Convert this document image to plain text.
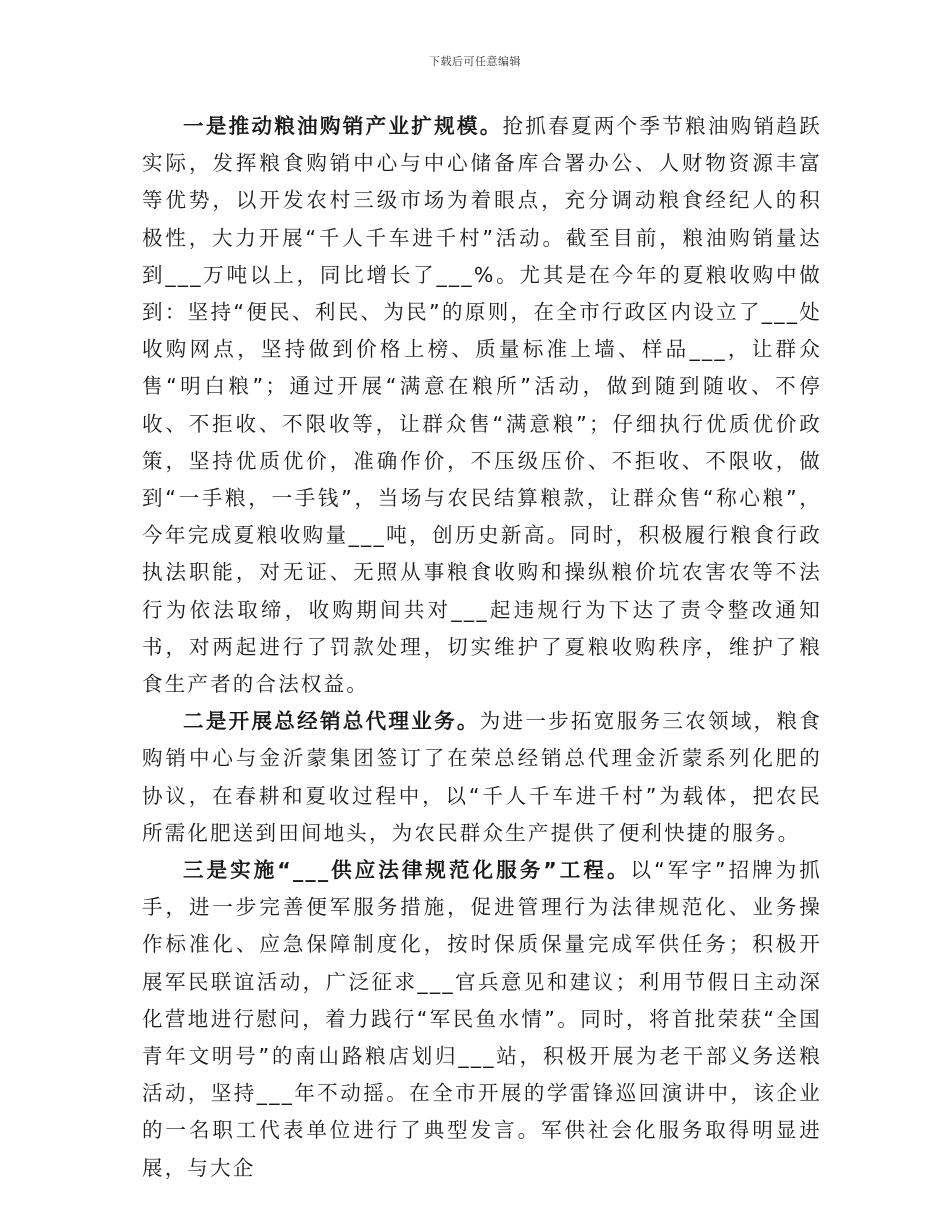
下载后可任意编辑

一是推动粮油购销产业扩规模。抢抓春夏两个季节粮油购销趋跃实际，发挥粮食购销中心与中心储备库合署办公、人财物资源丰富等优势，以开发农村三级市场为着眼点，充分调动粮食经纪人的积极性，大力开展“千人千车进千村”活动。截至目前，粮油购销量达到___万吨以上，同比增长了___%。尤其是在今年的夏粮收购中做到：坚持“便民、利民、为民”的原则，在全市行政区内设立了___处收购网点，坚持做到价格上榜、质量标准上墙、样品___，让群众售“明白粮”；通过开展“满意在粮所”活动，做到随到随收、不停收、不拒收、不限收等，让群众售“满意粮”；仔细执行优质优价政策，坚持优质优价，准确作价，不压级压价、不拒收、不限收，做到“一手粮，一手钱”，当场与农民结算粮款，让群众售“称心粮”，今年完成夏粮收购量___吨，创历史新高。同时，积极履行粮食行政执法职能，对无证、无照从事粮食收购和操纵粮价坑农害农等不法行为依法取缔，收购期间共对___起违规行为下达了责令整改通知书，对两起进行了罚款处理，切实维护了夏粮收购秩序，维护了粮食生产者的合法权益。

二是开展总经销总代理业务。为进一步拓宽服务三农领域，粮食购销中心与金沂蒙集团签订了在荣总经销总代理金沂蒙系列化肥的协议，在春耕和夏收过程中，以“千人千车进千村”为载体，把农民所需化肥送到田间地头，为农民群众生产提供了便利快捷的服务。

三是实施“___供应法律规范化服务”工程。以“军字”招牌为抓手，进一步完善便军服务措施，促进管理行为法律规范化、业务操作标准化、应急保障制度化，按时保质保量完成军供任务；积极开展军民联谊活动，广泛征求___官兵意见和建议；利用节假日主动深化营地进行慰问，着力践行“军民鱼水情”。同时，将首批荣获“全国青年文明号”的南山路粮店划归___站，积极开展为老干部义务送粮活动，坚持___年不动摇。在全市开展的学雷锋巡回演讲中，该企业的一名职工代表单位进行了典型发言。军供社会化服务取得明显进展，与大企
